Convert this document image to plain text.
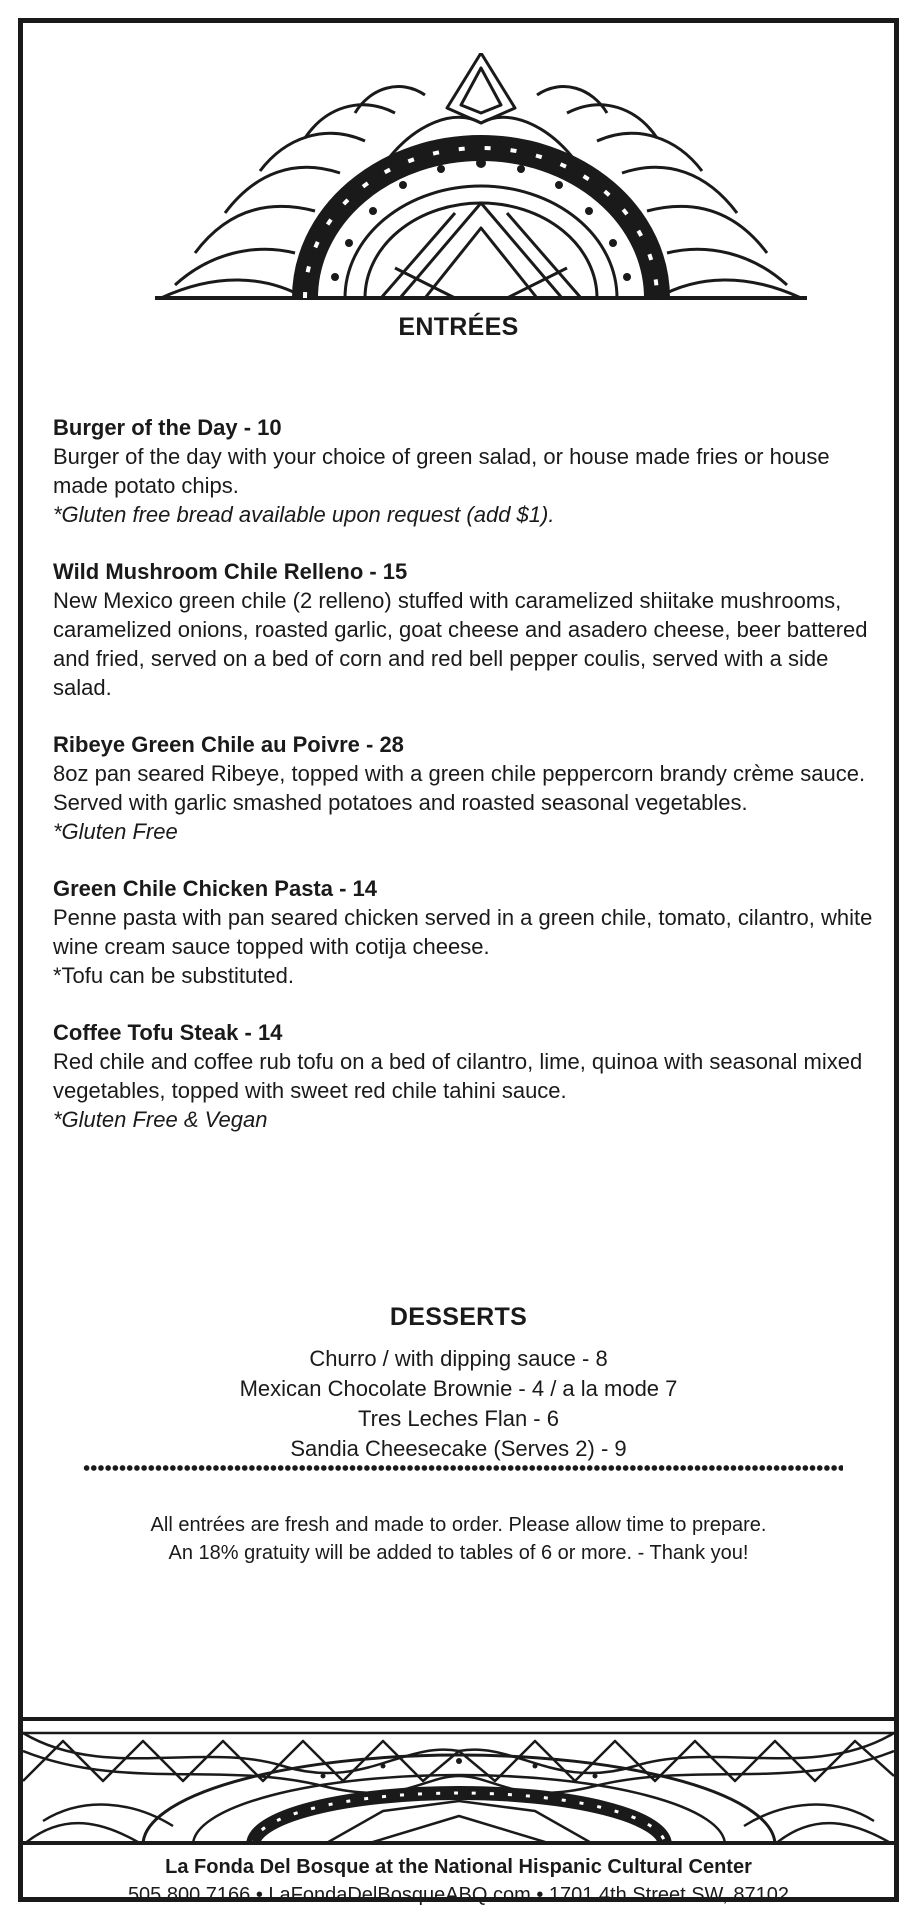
ENTRÉES
Burger of the Day - 10
Burger of the day with your choice of green salad, or house made fries or house made potato chips.
*Gluten free bread available upon request (add $1).
Wild Mushroom Chile Relleno - 15
New Mexico green chile (2 relleno) stuffed with caramelized shiitake mushrooms, caramelized onions, roasted garlic, goat cheese and asadero cheese, beer battered and fried, served on a bed of corn and red bell pepper coulis, served with a side salad.
Ribeye Green Chile au Poivre - 28
8oz pan seared Ribeye, topped with a green chile peppercorn brandy crème sauce. Served with garlic smashed potatoes and roasted seasonal vegetables.
*Gluten Free
Green Chile Chicken Pasta - 14
Penne pasta with pan seared chicken served in a green chile, tomato, cilantro, white wine cream sauce topped with cotija cheese.
*Tofu can be substituted.
Coffee Tofu Steak - 14
Red chile and coffee rub tofu on a bed of cilantro, lime, quinoa with seasonal mixed vegetables, topped with sweet red chile tahini sauce.
*Gluten Free & Vegan
DESSERTS
Churro / with dipping sauce - 8
Mexican Chocolate Brownie - 4 / a la mode 7
Tres Leches Flan - 6
Sandia Cheesecake (Serves 2) - 9
All entrées are fresh and made to order. Please allow time to prepare.
An 18% gratuity will be added to tables of 6 or more. - Thank you!
La Fonda Del Bosque at the National Hispanic Cultural Center
505.800.7166 • LaFondaDelBosqueABQ.com • 1701 4th Street SW, 87102
